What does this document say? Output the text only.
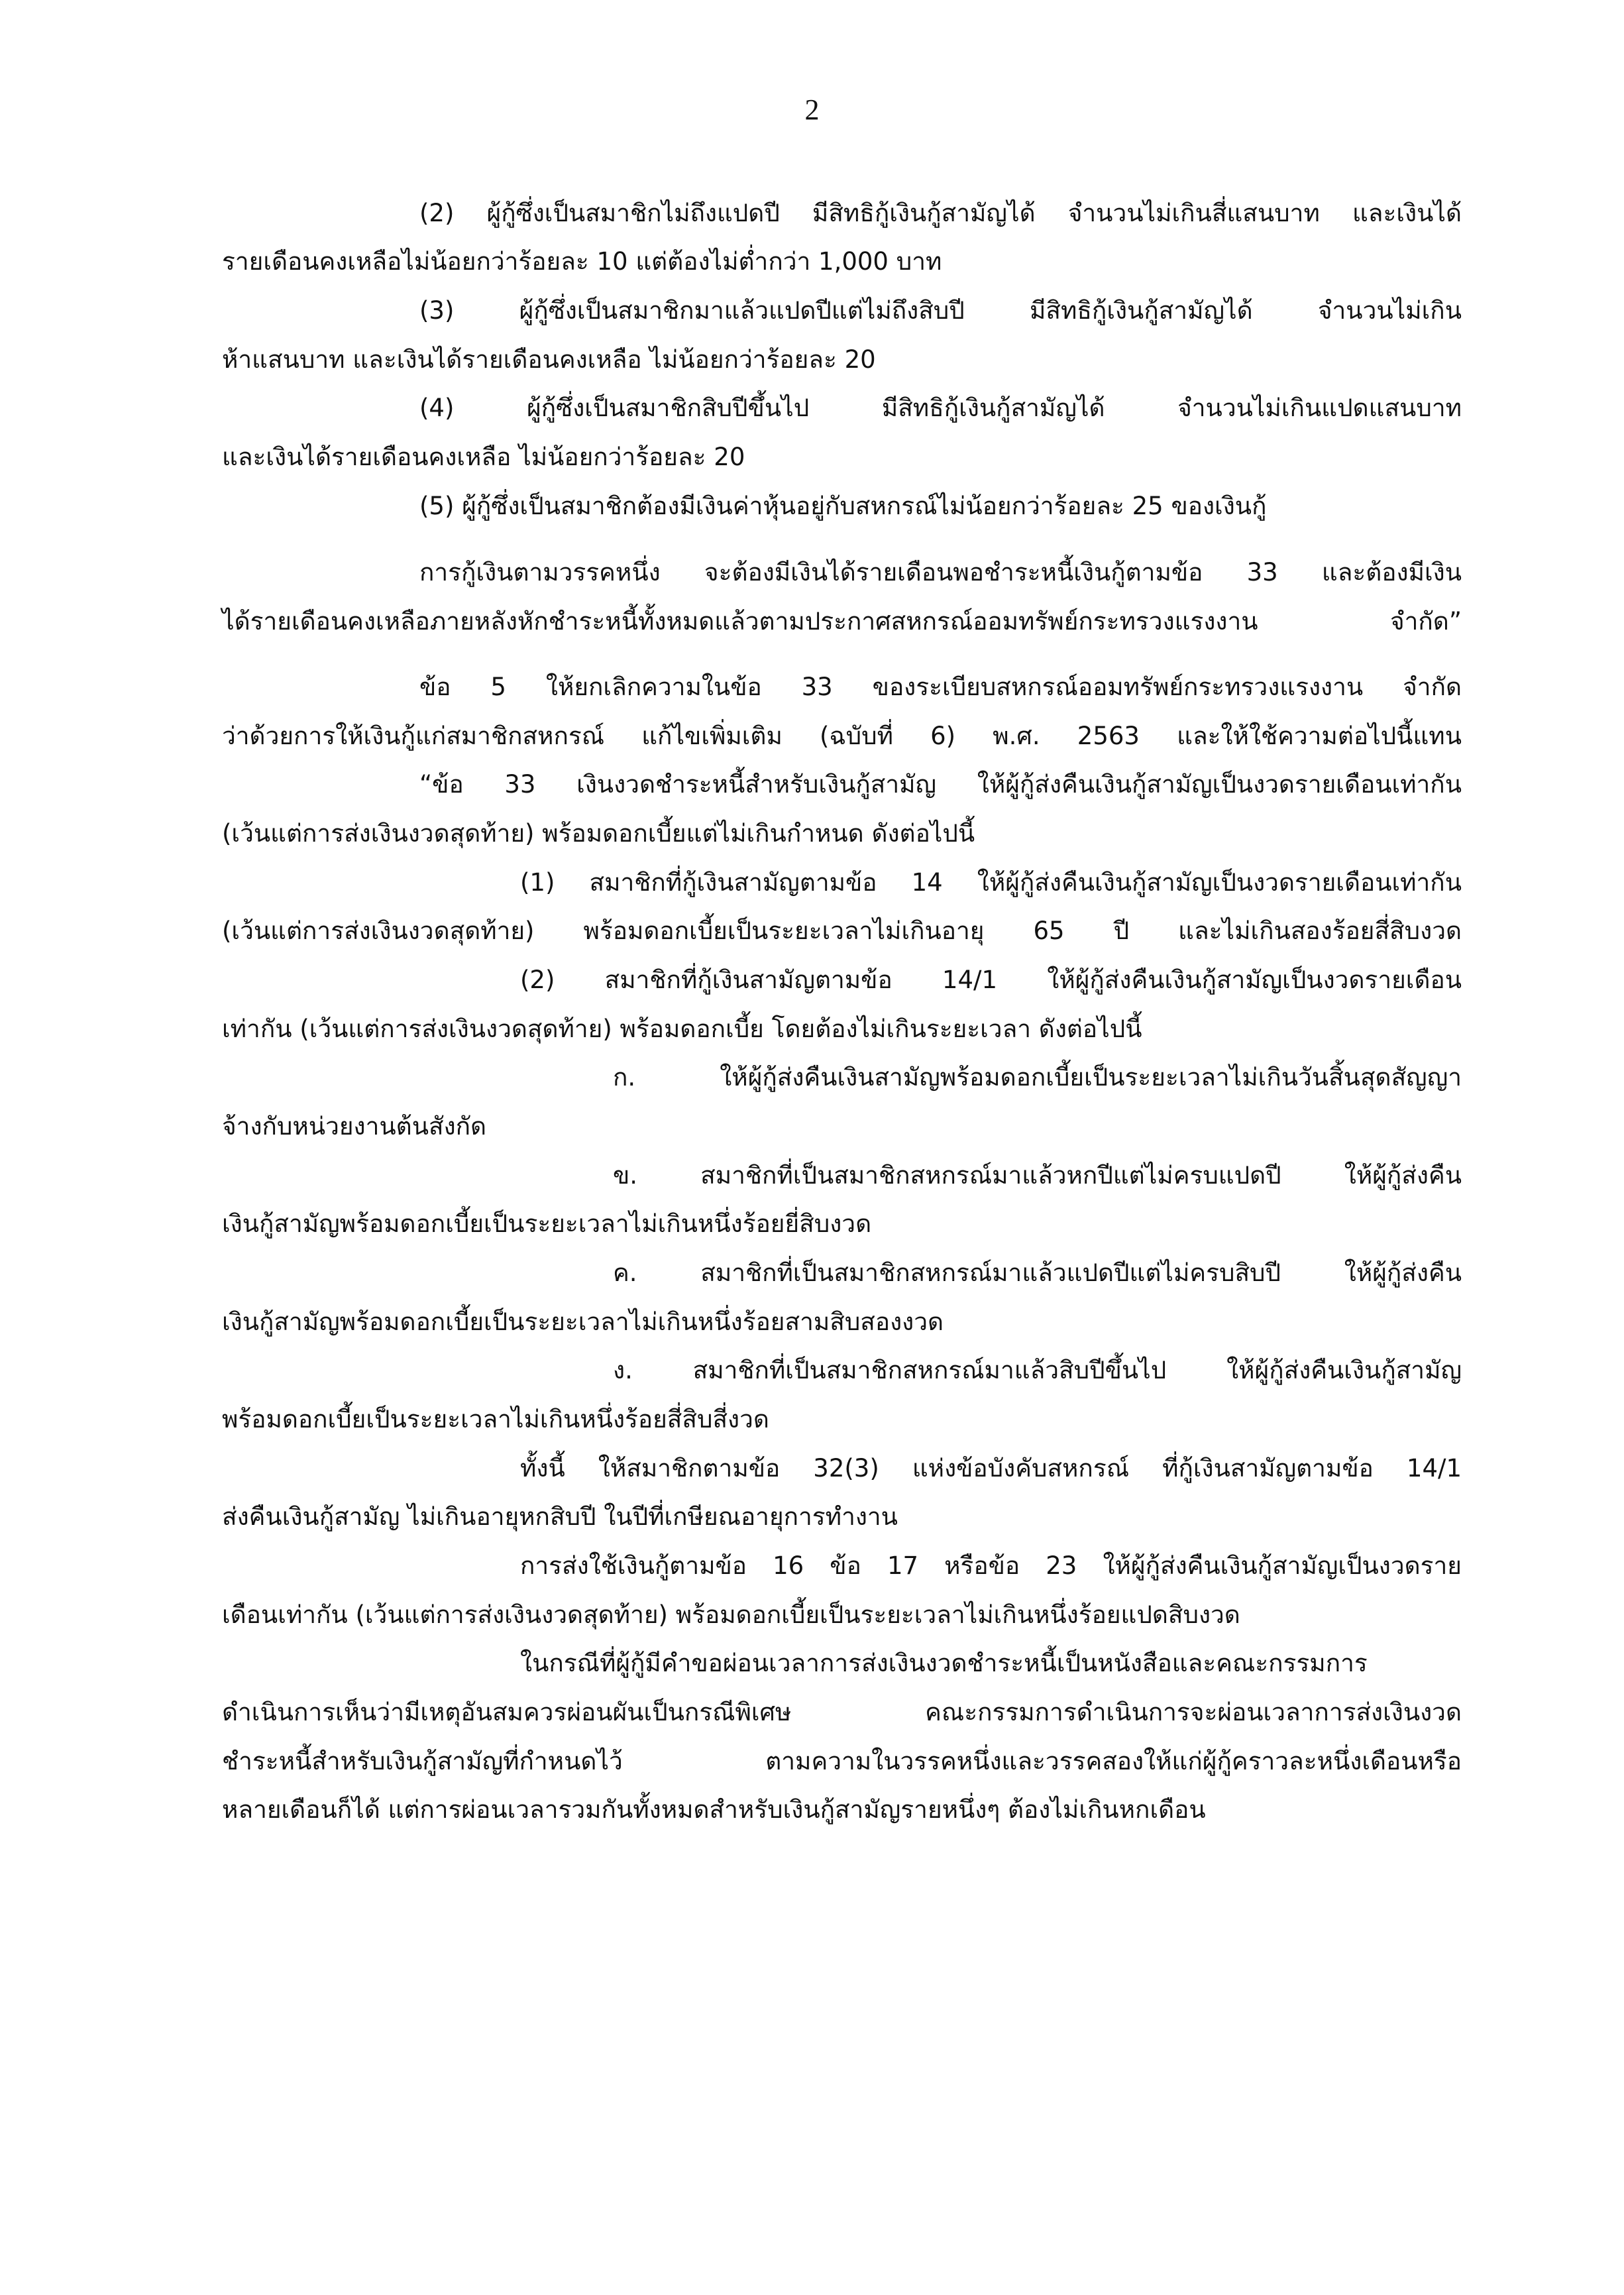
2
(2) ผู้กู้ซึ่งเป็นสมาชิกไม่ถึงแปดปี มีสิทธิกู้เงินกู้สามัญได้ จำนวนไม่เกินสี่แสนบาท และเงินได้
รายเดือนคงเหลือไม่น้อยกว่าร้อยละ 10 แต่ต้องไม่ต่ำกว่า 1,000 บาท
(3) ผู้กู้ซึ่งเป็นสมาชิกมาแล้วแปดปีแต่ไม่ถึงสิบปี มีสิทธิกู้เงินกู้สามัญได้ จำนวนไม่เกิน
ห้าแสนบาท และเงินได้รายเดือนคงเหลือ ไม่น้อยกว่าร้อยละ 20
(4) ผู้กู้ซึ่งเป็นสมาชิกสิบปีขึ้นไป มีสิทธิกู้เงินกู้สามัญได้ จำนวนไม่เกินแปดแสนบาท
และเงินได้รายเดือนคงเหลือ ไม่น้อยกว่าร้อยละ 20
(5) ผู้กู้ซึ่งเป็นสมาชิกต้องมีเงินค่าหุ้นอยู่กับสหกรณ์ไม่น้อยกว่าร้อยละ 25 ของเงินกู้
การกู้เงินตามวรรคหนึ่ง จะต้องมีเงินได้รายเดือนพอชำระหนี้เงินกู้ตามข้อ 33 และต้องมีเงิน
ได้รายเดือนคงเหลือภายหลังหักชำระหนี้ทั้งหมดแล้วตามประกาศสหกรณ์ออมทรัพย์กระทรวงแรงงาน จำกัด”
ข้อ 5 ให้ยกเลิกความในข้อ 33 ของระเบียบสหกรณ์ออมทรัพย์กระทรวงแรงงาน จำกัด
ว่าด้วยการให้เงินกู้แก่สมาชิกสหกรณ์ แก้ไขเพิ่มเติม (ฉบับที่ 6) พ.ศ. 2563 และให้ใช้ความต่อไปนี้แทน
“ข้อ 33 เงินงวดชำระหนี้สำหรับเงินกู้สามัญ ให้ผู้กู้ส่งคืนเงินกู้สามัญเป็นงวดรายเดือนเท่ากัน
(เว้นแต่การส่งเงินงวดสุดท้าย) พร้อมดอกเบี้ยแต่ไม่เกินกำหนด ดังต่อไปนี้
(1) สมาชิกที่กู้เงินสามัญตามข้อ 14 ให้ผู้กู้ส่งคืนเงินกู้สามัญเป็นงวดรายเดือนเท่ากัน
(เว้นแต่การส่งเงินงวดสุดท้าย) พร้อมดอกเบี้ยเป็นระยะเวลาไม่เกินอายุ 65 ปี และไม่เกินสองร้อยสี่สิบงวด
(2) สมาชิกที่กู้เงินสามัญตามข้อ 14/1 ให้ผู้กู้ส่งคืนเงินกู้สามัญเป็นงวดรายเดือน
เท่ากัน (เว้นแต่การส่งเงินงวดสุดท้าย) พร้อมดอกเบี้ย โดยต้องไม่เกินระยะเวลา ดังต่อไปนี้
ก. ให้ผู้กู้ส่งคืนเงินสามัญพร้อมดอกเบี้ยเป็นระยะเวลาไม่เกินวันสิ้นสุดสัญญา
จ้างกับหน่วยงานต้นสังกัด
ข. สมาชิกที่เป็นสมาชิกสหกรณ์มาแล้วหกปีแต่ไม่ครบแปดปี ให้ผู้กู้ส่งคืน
เงินกู้สามัญพร้อมดอกเบี้ยเป็นระยะเวลาไม่เกินหนึ่งร้อยยี่สิบงวด
ค. สมาชิกที่เป็นสมาชิกสหกรณ์มาแล้วแปดปีแต่ไม่ครบสิบปี ให้ผู้กู้ส่งคืน
เงินกู้สามัญพร้อมดอกเบี้ยเป็นระยะเวลาไม่เกินหนึ่งร้อยสามสิบสองงวด
ง. สมาชิกที่เป็นสมาชิกสหกรณ์มาแล้วสิบปีขึ้นไป ให้ผู้กู้ส่งคืนเงินกู้สามัญ
พร้อมดอกเบี้ยเป็นระยะเวลาไม่เกินหนึ่งร้อยสี่สิบสี่งวด
ทั้งนี้ ให้สมาชิกตามข้อ 32(3) แห่งข้อบังคับสหกรณ์ ที่กู้เงินสามัญตามข้อ 14/1
ส่งคืนเงินกู้สามัญ ไม่เกินอายุหกสิบปี ในปีที่เกษียณอายุการทำงาน
การส่งใช้เงินกู้ตามข้อ 16 ข้อ 17 หรือข้อ 23 ให้ผู้กู้ส่งคืนเงินกู้สามัญเป็นงวดราย
เดือนเท่ากัน (เว้นแต่การส่งเงินงวดสุดท้าย) พร้อมดอกเบี้ยเป็นระยะเวลาไม่เกินหนึ่งร้อยแปดสิบงวด
ในกรณีที่ผู้กู้มีคำขอผ่อนเวลาการส่งเงินงวดชำระหนี้เป็นหนังสือและคณะกรรมการ
ดำเนินการเห็นว่ามีเหตุอันสมควรผ่อนผันเป็นกรณีพิเศษ คณะกรรมการดำเนินการจะผ่อนเวลาการส่งเงินงวด
ชำระหนี้สำหรับเงินกู้สามัญที่กำหนดไว้ ตามความในวรรคหนึ่งและวรรคสองให้แก่ผู้กู้คราวละหนึ่งเดือนหรือ
หลายเดือนก็ได้ แต่การผ่อนเวลารวมกันทั้งหมดสำหรับเงินกู้สามัญรายหนึ่งๆ ต้องไม่เกินหกเดือน
